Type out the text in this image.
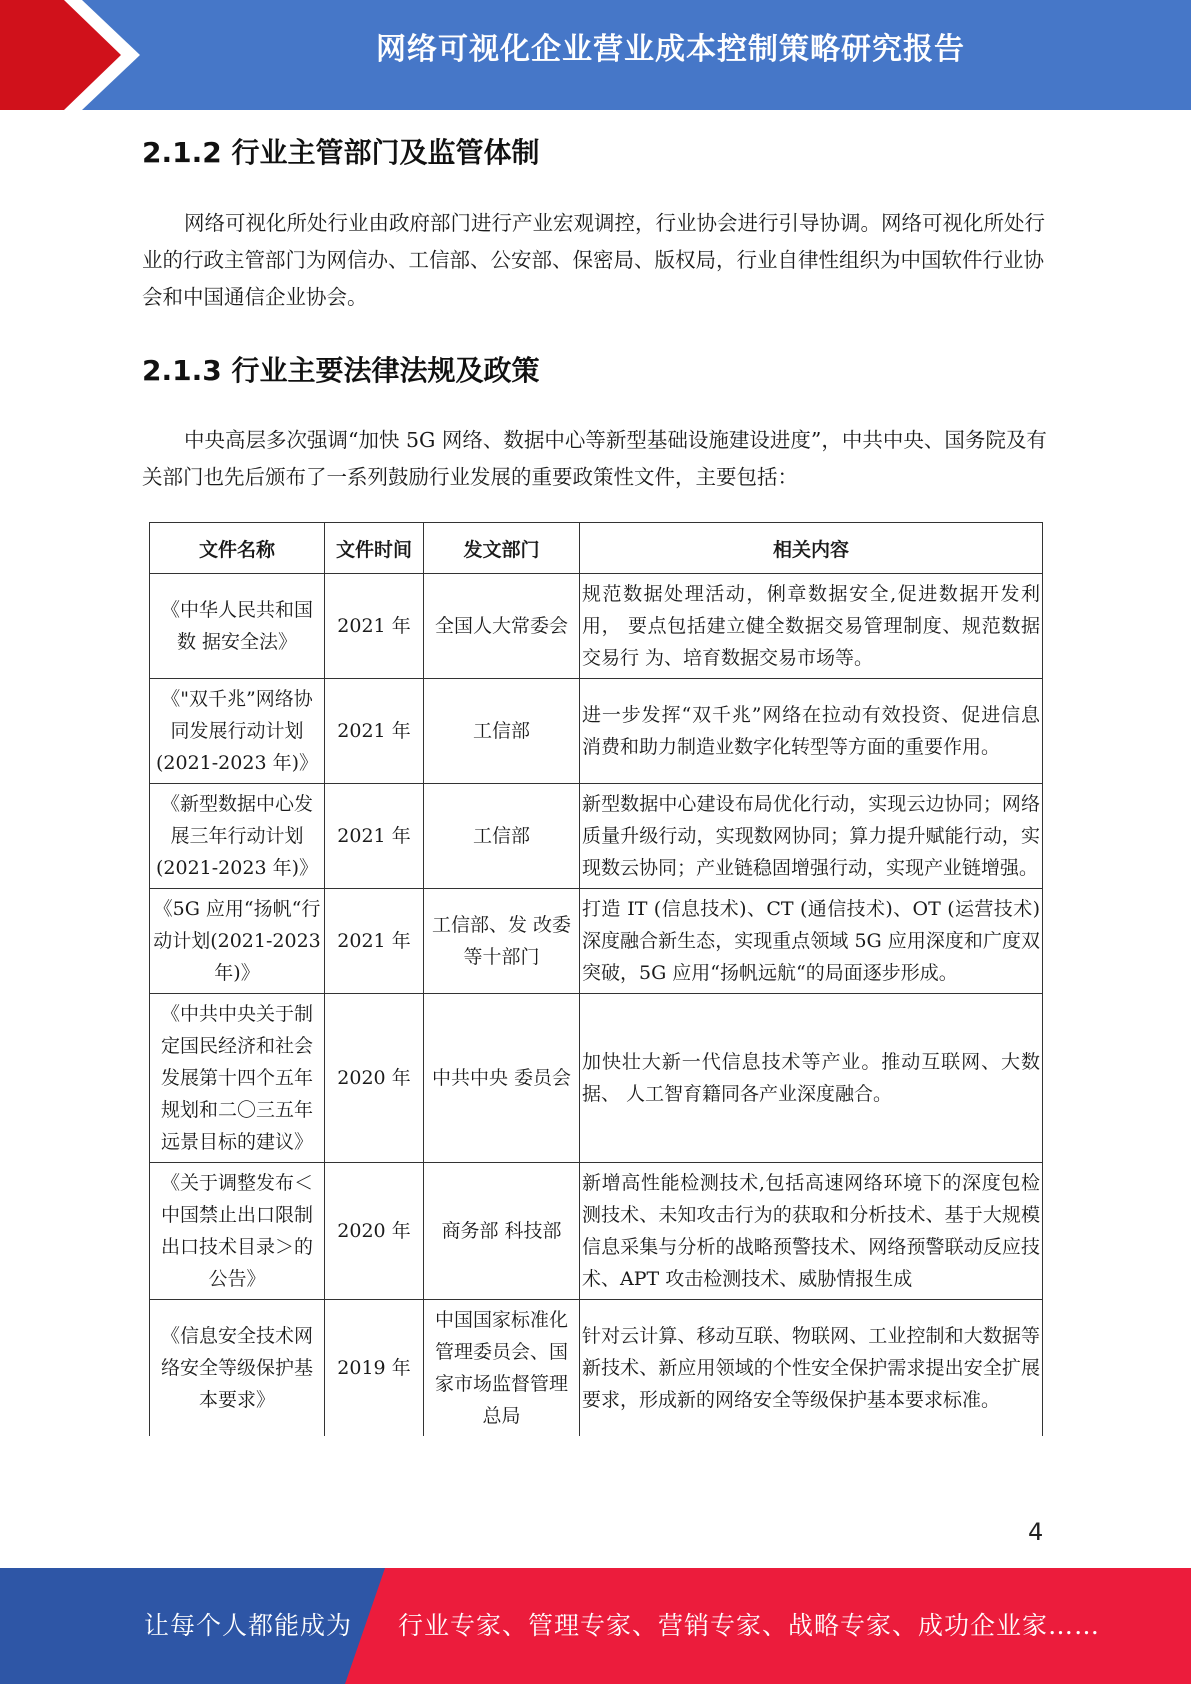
网络可视化企业营业成本控制策略研究报告
2.1.2 行业主管部门及监管体制
网络可视化所处行业由政府部门进行产业宏观调控，行业协会进行引导协调。网络可视化所处行业的行政主管部门为网信办、工信部、公安部、保密局、版权局，行业自律性组织为中国软件行业协会和中国通信企业协会。
2.1.3 行业主要法律法规及政策
中央高层多次强调“加快 5G 网络、数据中心等新型基础设施建设进度”，中共中央、国务院及有关部门也先后颁布了一系列鼓励行业发展的重要政策性文件，主要包括：
文件名称	文件时间	发文部门	相关内容
《中华人民共和国数 据安全法》	2021 年	全国人大常委会	规范数据处理活动，俐章数据安全,促进数据开发利用， 要点包括建立健全数据交易管理制度、规范数据交易行 为、培育数据交易市场等。
《"双千兆”网络协同发展行动计划(2021-2023 年)》	2021 年	工信部	进一步发挥“双千兆”网络在拉动有效投资、促进信息 消费和助力制造业数字化转型等方面的重要作用。
《新型数据中心发展三年行动计划(2021-2023 年)》	2021 年	工信部	新型数据中心建设布局优化行动，实现云边协同；网络 质量升级行动，实现数网协同；算力提升赋能行动，实 现数云协同；产业链稳固增强行动，实现产业链增强。
《5G 应用“扬帆“行动计划(2021-2023 年)》	2021 年	工信部、发 改委等十部门	打造 IT (信息技术)、CT (通信技术)、OT (运营技术)深度融合新生态，实现重点领域 5G 应用深度和广度双突破，5G 应用“扬帆远航“的局面逐步形成。
《中共中央关于制定国民经济和社会发展第十四个五年规划和二〇三五年远景目标的建议》	2020 年	中共中央 委员会	加快壮大新一代信息技术等产业。推动互联网、大数据、 人工智育籍同各产业深度融合。
《关于调整发布＜中国禁止出口限制出口技术目录＞的公告》	2020 年	商务部 科技部	新增高性能检测技术,包括高速网络环境下的深度包检 测技术、未知攻击行为的获取和分析技术、基于大规模 信息采集与分析的战略预警技术、网络预警联动反应技 术、APT 攻击检测技术、威胁情报生成
《信息安全技术网络安全等级保护基本要求》	2019 年	中国国家标准化管理委员会、国家市场监督管理总局	针对云计算、移动互联、物联网、工业控制和大数据等 新技术、新应用领域的个性安全保护需求提出安全扩展 要求，形成新的网络安全等级保护基本要求标准。
4
让每个人都能成为 行业专家、管理专家、营销专家、战略专家、成功企业家……
